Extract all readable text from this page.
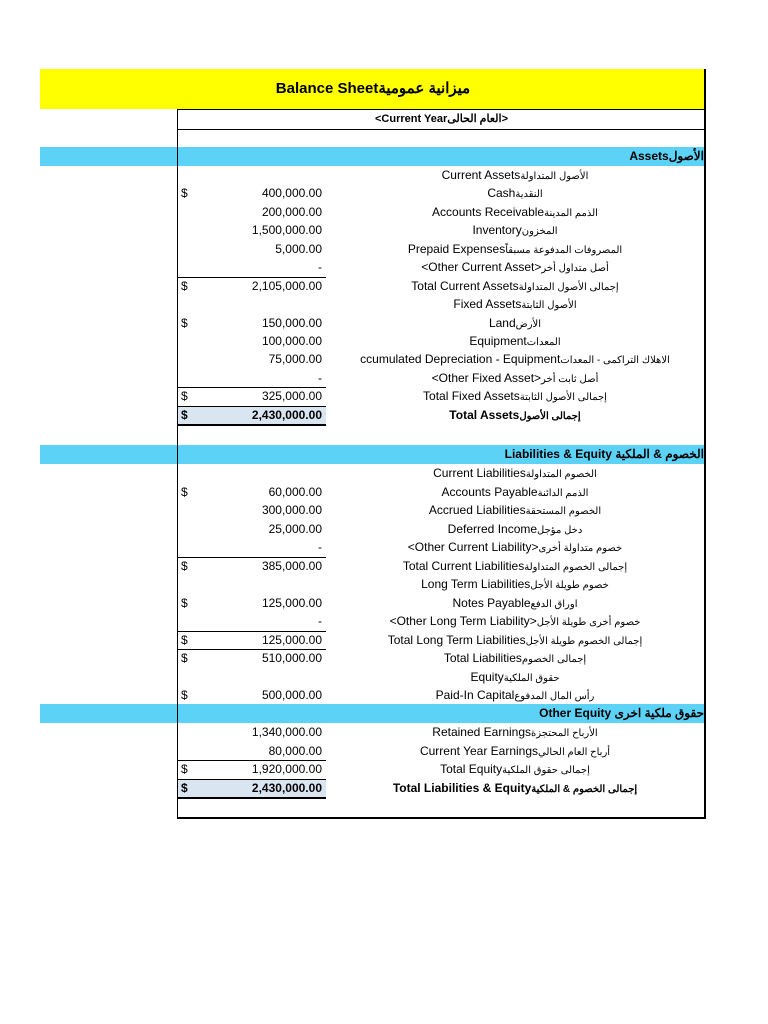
Balance Sheetميزانية عمومية
<Current Yearالعام الحالى>
Assetsالأصول
Liabilities & Equity الخصوم & الملكية
Other Equity حقوق ملكية اخرى
Current Assetsالأصول المتداولة
$	400,000.00	Cashالنقدية
200,000.00	Accounts Receivableالذمم المدينة
1,500,000.00	Inventoryالمخزون
5,000.00	Prepaid Expensesالمصروفات المدفوعة مسبقاً
-	<Other Current Asset>أصل متداول أخر
$	2,105,000.00	Total Current Assetsإجمالى الأصول المتداولة
Fixed Assetsالأصول الثابتة
$	150,000.00	Landالأرض
100,000.00	Equipmentالمعدات
75,000.00	ccumulated Depreciation - Equipmentالاهلاك التراكمى - المعدات
-	<Other Fixed Asset>أصل ثابت أخر
$	325,000.00	Total Fixed Assetsإجمالى الأصول الثابتة
$	2,430,000.00	Total Assetsإجمالى الأصول
Current Liabilitiesالخصوم المتداولة
$	60,000.00	Accounts Payableالذمم الدائنة
300,000.00	Accrued Liabilitiesالخصوم المستحقة
25,000.00	Deferred Incomeدخل مؤجل
-	<Other Current Liability>خصوم متداولة أخرى
$	385,000.00	Total Current Liabilitiesإجمالى الخصوم المتداولة
Long Term Liabilitiesخصوم طويلة الأجل
$	125,000.00	Notes Payableاوراق الدفع
-	<Other Long Term Liability>خصوم أخرى طويلة الأجل
$	125,000.00	Total Long Term Liabilitiesإجمالى الخصوم طويلة الأجل
$	510,000.00	Total Liabilitiesإجمالى الخصوم
Equityحقوق الملكية
$	500,000.00	Paid-In Capitalرأس المال المدفوع
1,340,000.00	Retained Earningsالأرباح المحتجزة
80,000.00	Current Year Earningsأرباح العام الحالي
$	1,920,000.00	Total Equityإجمالى حقوق الملكية
$	2,430,000.00	Total Liabilities & Equityإجمالى الخصوم & الملكية
